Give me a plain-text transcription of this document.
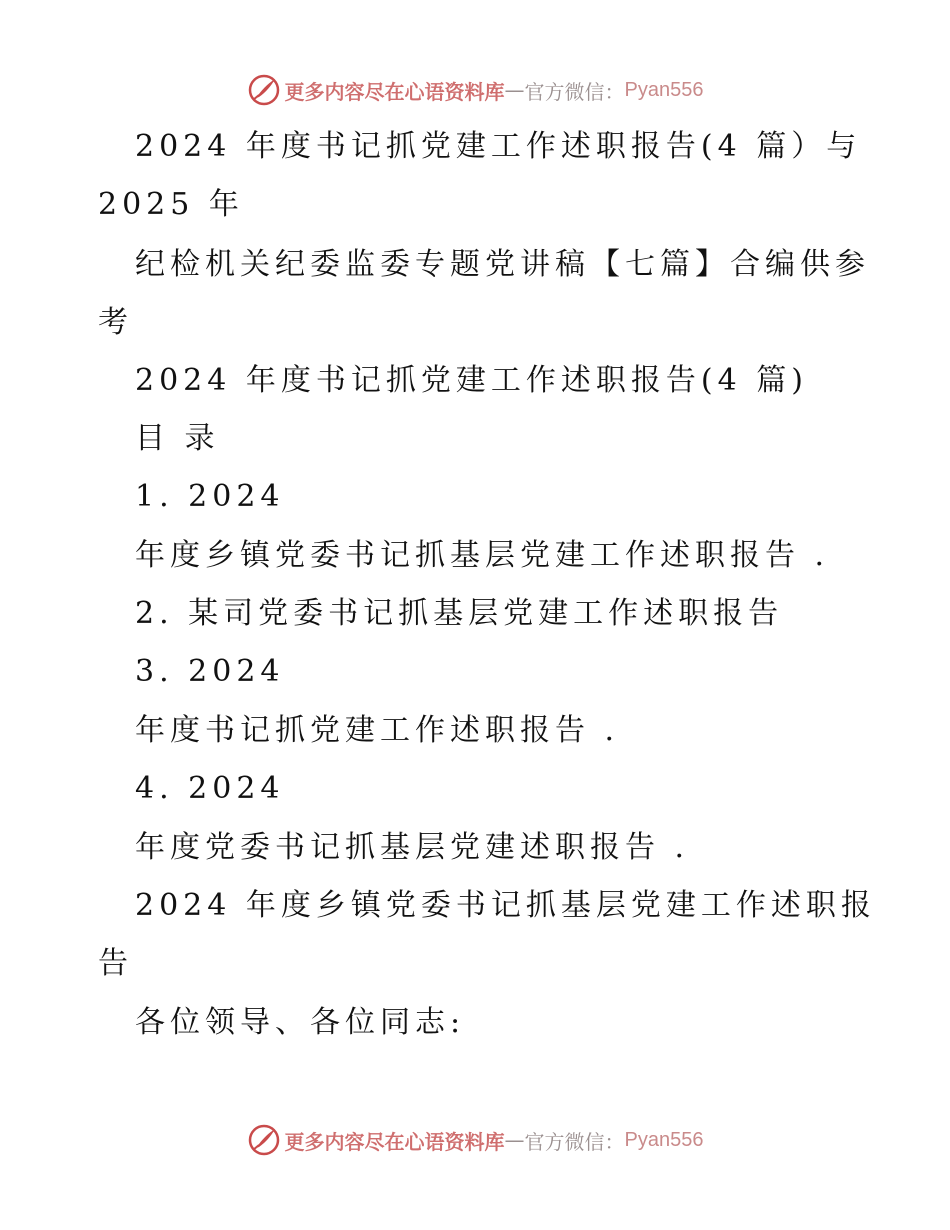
更多内容尽在心语资料库 — 官方微信： Pyan556
2024 年度书记抓党建工作述职报告(4 篇）与
2025 年
纪检机关纪委监委专题党讲稿【七篇】合编供参
考
2024 年度书记抓党建工作述职报告(4 篇)
目 录
1. 2024
年度乡镇党委书记抓基层党建工作述职报告 .
2. 某司党委书记抓基层党建工作述职报告
3. 2024
年度书记抓党建工作述职报告 .
4. 2024
年度党委书记抓基层党建述职报告 .
2024 年度乡镇党委书记抓基层党建工作述职报
告
各位领导、各位同志:
更多内容尽在心语资料库 — 官方微信： Pyan556
